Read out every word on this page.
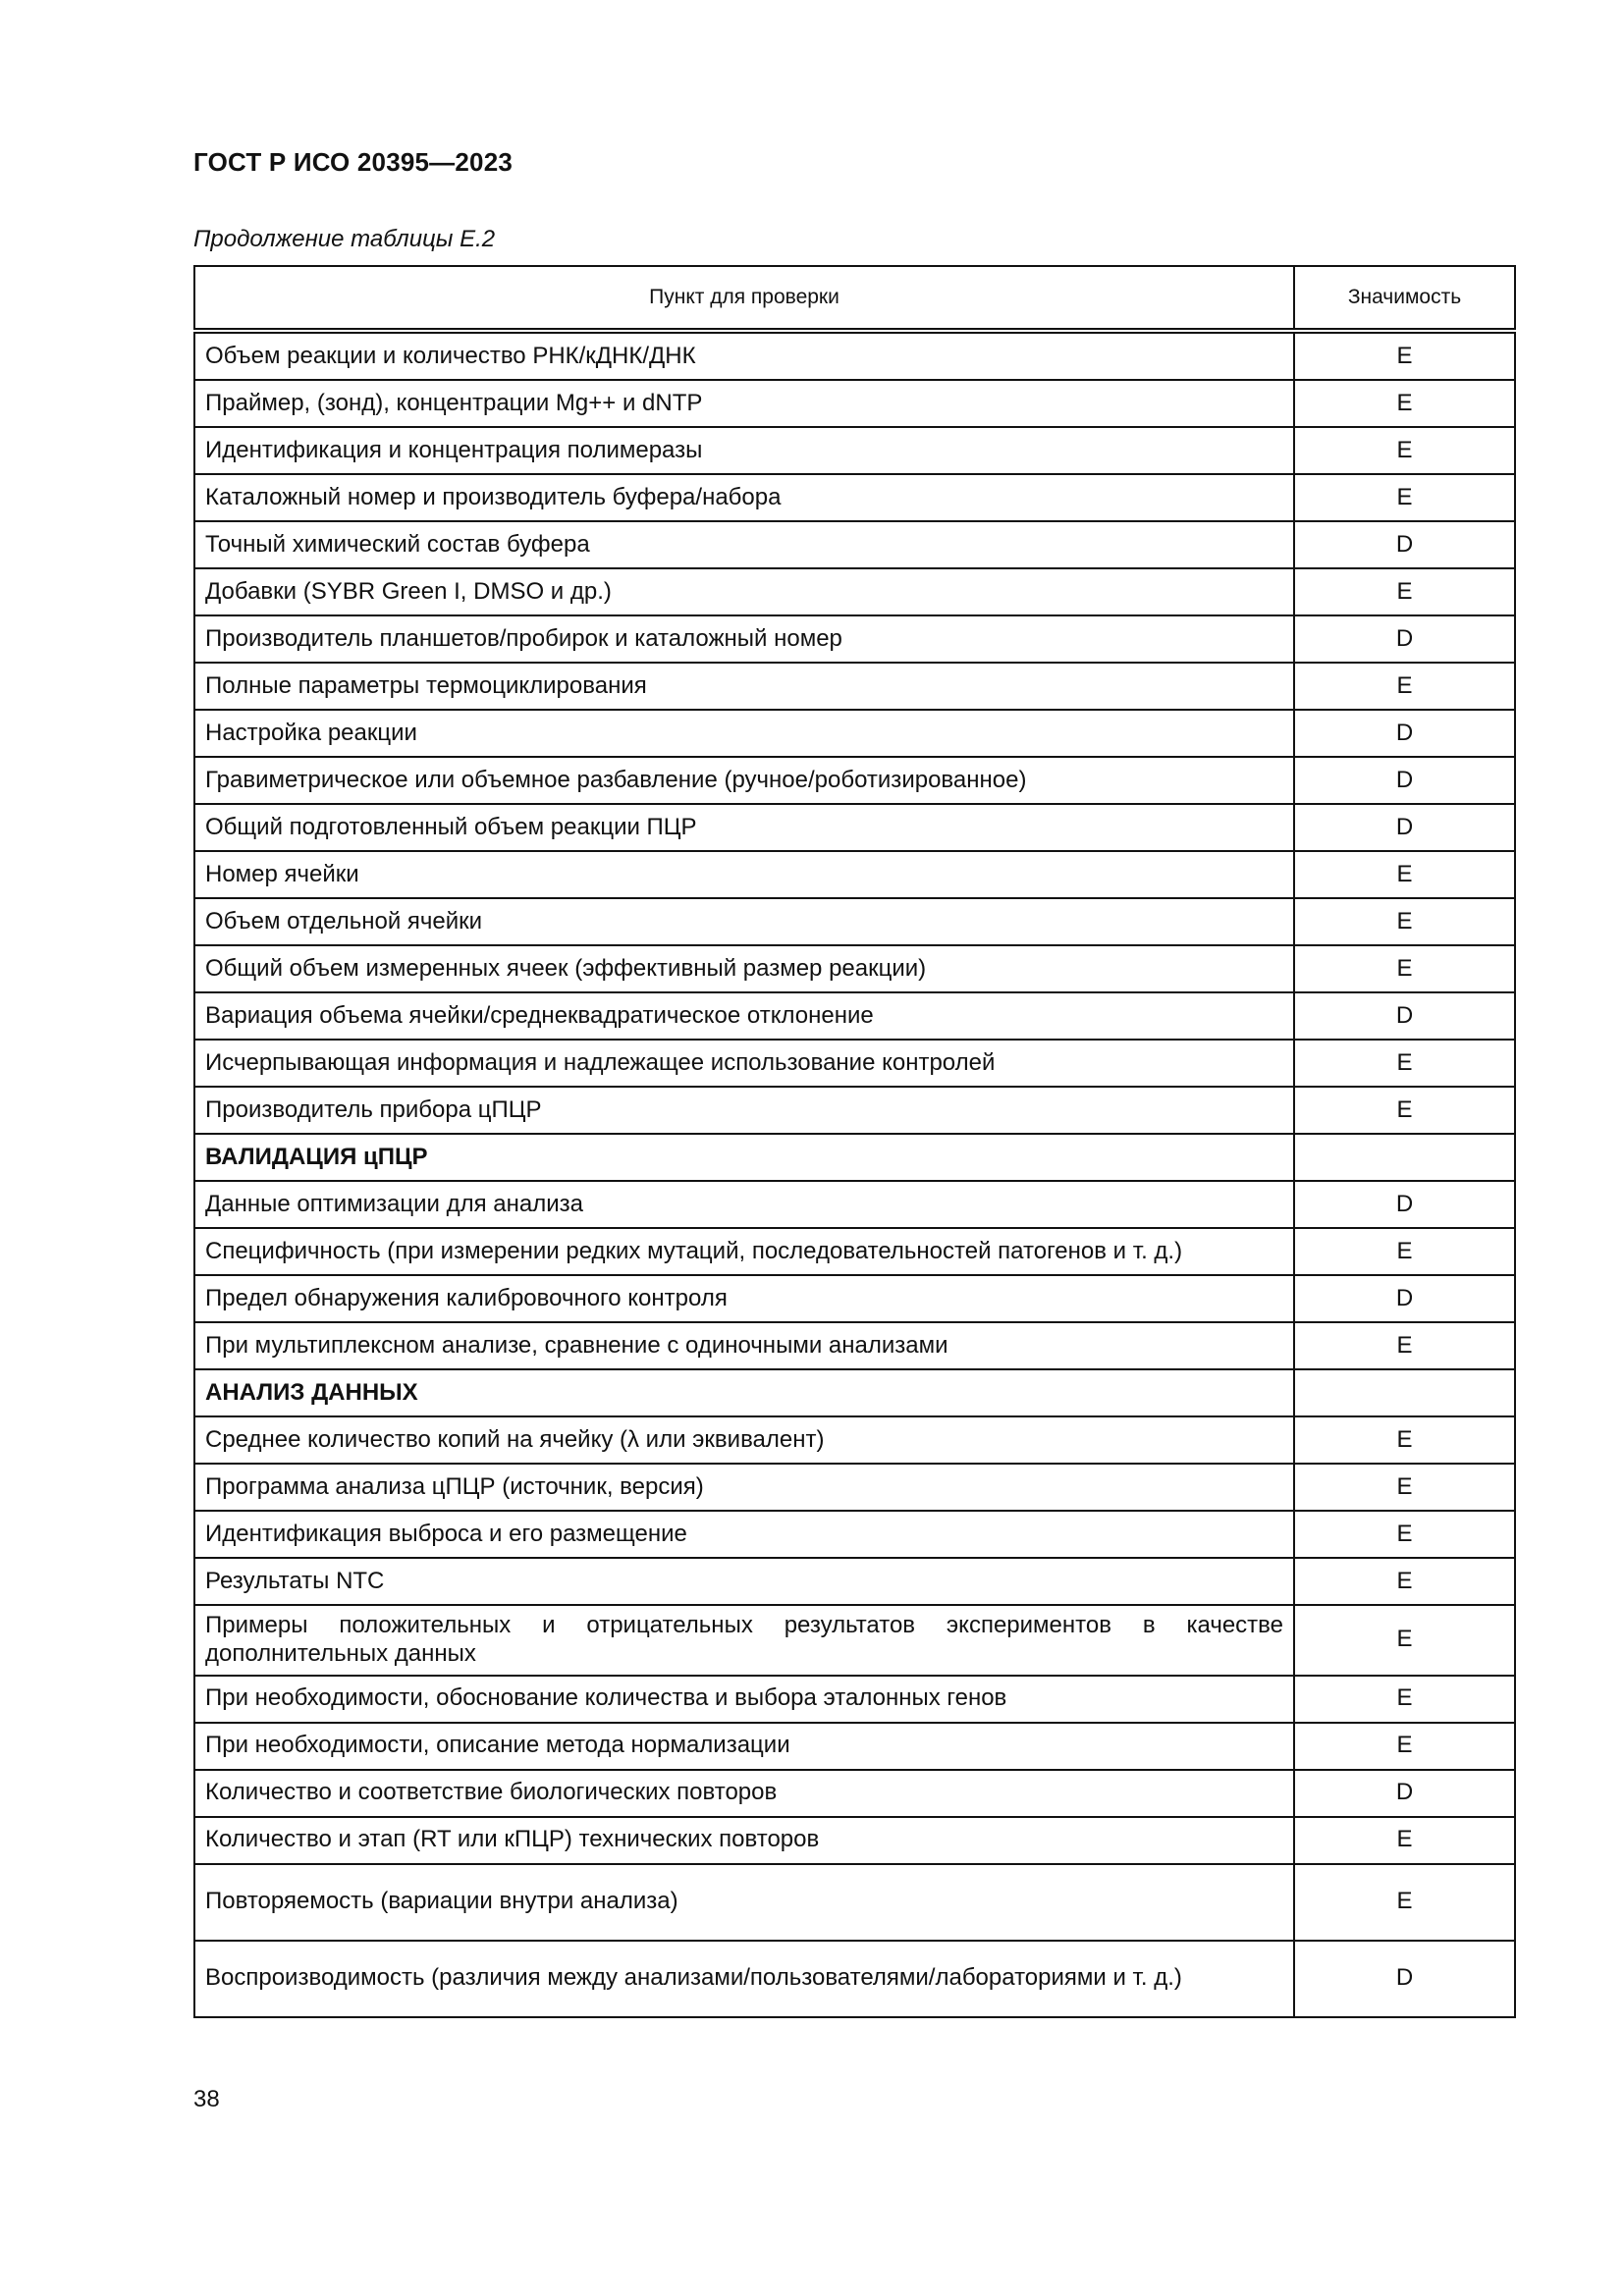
ГОСТ Р ИСО 20395—2023

Продолжение таблицы Е.2

Пункт для проверки	Значимость
Объем реакции и количество РНК/кДНК/ДНК	E
Праймер, (зонд), концентрации Mg++ и dNTP	E
Идентификация и концентрация полимеразы	E
Каталожный номер и производитель буфера/набора	E
Точный химический состав буфера	D
Добавки (SYBR Green I, DMSO и др.)	E
Производитель планшетов/пробирок и каталожный номер	D
Полные параметры термоциклирования	E
Настройка реакции	D
Гравиметрическое или объемное разбавление (ручное/роботизированное)	D
Общий подготовленный объем реакции ПЦР	D
Номер ячейки	E
Объем отдельной ячейки	E
Общий объем измеренных ячеек (эффективный размер реакции)	E
Вариация объема ячейки/среднеквадратическое отклонение	D
Исчерпывающая информация и надлежащее использование контролей	E
Производитель прибора цПЦР	E
ВАЛИДАЦИЯ цПЦР	
Данные оптимизации для анализа	D
Специфичность (при измерении редких мутаций, последовательностей патогенов и т. д.)	E
Предел обнаружения калибровочного контроля	D
При мультиплексном анализе, сравнение с одиночными анализами	E
АНАЛИЗ ДАННЫХ	
Среднее количество копий на ячейку (λ или эквивалент)	E
Программа анализа цПЦР (источник, версия)	E
Идентификация выброса и его размещение	E
Результаты NTC	E
Примеры положительных и отрицательных результатов экспериментов в качестве дополнительных данных	E
При необходимости, обоснование количества и выбора эталонных генов	E
При необходимости, описание метода нормализации	E
Количество и соответствие биологических повторов	D
Количество и этап (RT или кПЦР) технических повторов	E
Повторяемость (вариации внутри анализа)	E
Воспроизводимость (различия между анализами/пользователями/лабораториями и т. д.)	D

38
